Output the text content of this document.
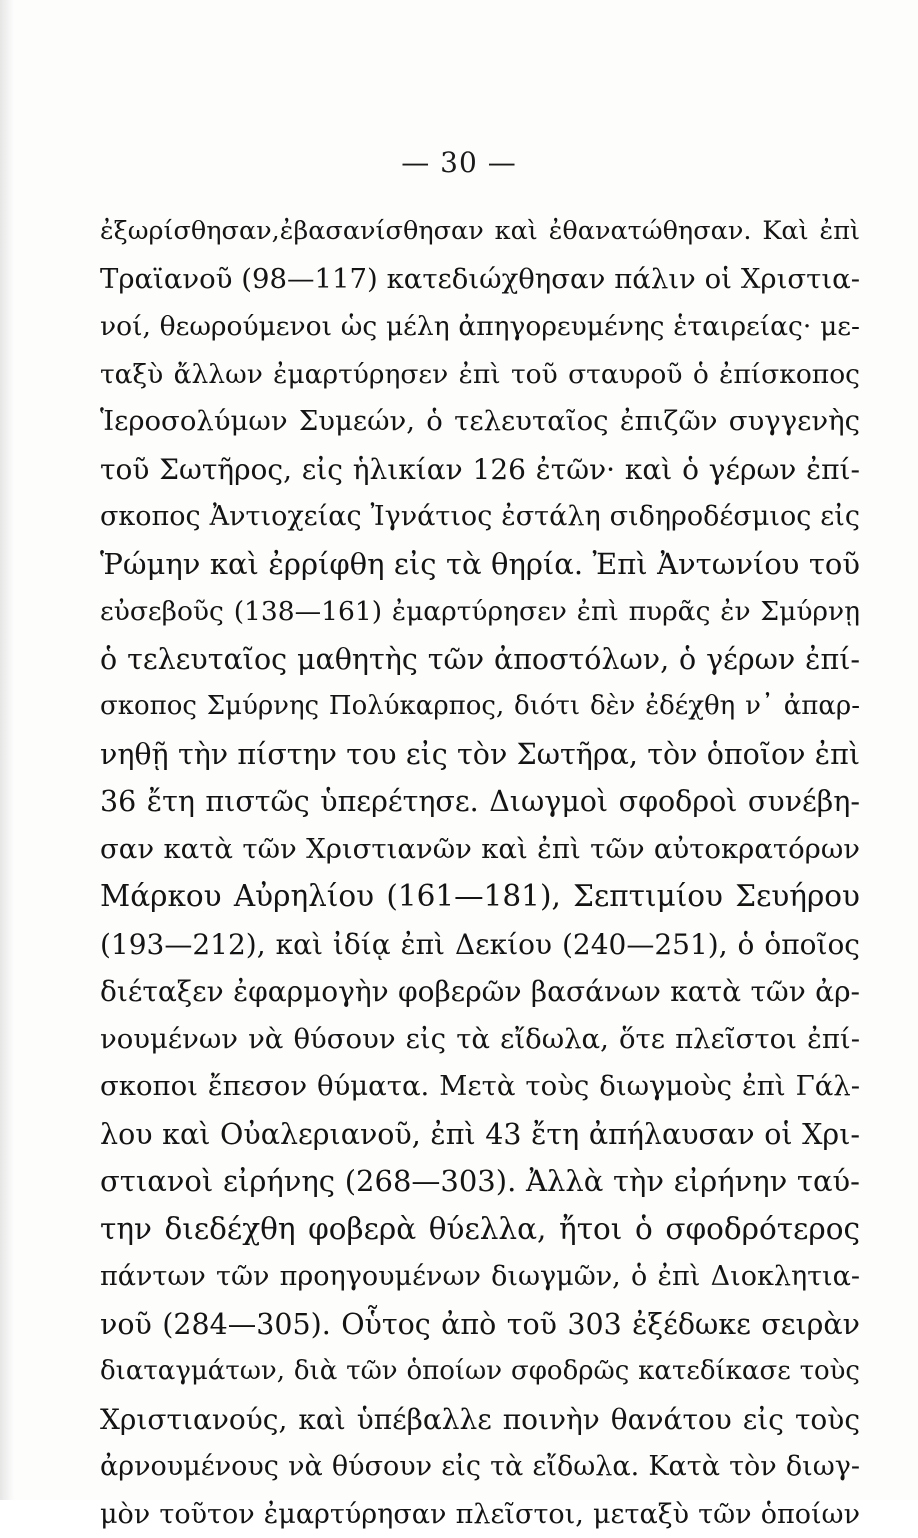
— 30 —
ἐξωρίσθησαν,ἐβασανίσθησαν καὶ ἐθανατώθησαν. Καὶ ἐπὶ
Τραϊανοῦ (98—117) κατεδιώχθησαν πάλιν οἱ Χριστια-
νοί, θεωρούμενοι ὡς μέλη ἀπηγορευμένης ἑταιρείας· με-
ταξὺ ἄλλων ἐμαρτύρησεν ἐπὶ τοῦ σταυροῦ ὁ ἐπίσκοπος
Ἱεροσολύμων Συμεών, ὁ τελευταῖος ἐπιζῶν συγγενὴς
τοῦ Σωτῆρος, εἰς ἡλικίαν 126 ἐτῶν· καὶ ὁ γέρων ἐπί-
σκοπος Ἀντιοχείας Ἰγνάτιος ἐστάλη σιδηροδέσμιος εἰς
Ῥώμην καὶ ἐρρίφθη εἰς τὰ θηρία. Ἐπὶ Ἀντωνίου τοῦ
εὐσεβοῦς (138—161) ἐμαρτύρησεν ἐπὶ πυρᾶς ἐν Σμύρνῃ
ὁ τελευταῖος μαθητὴς τῶν ἀποστόλων, ὁ γέρων ἐπί-
σκοπος Σμύρνης Πολύκαρπος, διότι δὲν ἐδέχθη ν᾽ ἀπαρ-
νηθῇ τὴν πίστην του εἰς τὸν Σωτῆρα, τὸν ὁποῖον ἐπὶ
36 ἔτη πιστῶς ὑπερέτησε. Διωγμοὶ σφοδροὶ συνέβη-
σαν κατὰ τῶν Χριστιανῶν καὶ ἐπὶ τῶν αὐτοκρατόρων
Μάρκου Αὐρηλίου (161—181), Σεπτιμίου Σευήρου
(193—212), καὶ ἰδίᾳ ἐπὶ Δεκίου (240—251), ὁ ὁποῖος
διέταξεν ἐφαρμογὴν φοβερῶν βασάνων κατὰ τῶν ἀρ-
νουμένων νὰ θύσουν εἰς τὰ εἴδωλα, ὅτε πλεῖστοι ἐπί-
σκοποι ἔπεσον θύματα. Μετὰ τοὺς διωγμοὺς ἐπὶ Γάλ-
λου καὶ Οὐαλεριανοῦ, ἐπὶ 43 ἔτη ἀπήλαυσαν οἱ Χρι-
στιανοὶ εἰρήνης (268—303). Ἀλλὰ τὴν εἰρήνην ταύ-
την διεδέχθη φοβερὰ θύελλα, ἤτοι ὁ σφοδρότερος
πάντων τῶν προηγουμένων διωγμῶν, ὁ ἐπὶ Διοκλητια-
νοῦ (284—305). Οὗτος ἀπὸ τοῦ 303 ἐξέδωκε σειρὰν
διαταγμάτων, διὰ τῶν ὁποίων σφοδρῶς κατεδίκασε τοὺς
Χριστιανούς, καὶ ὑπέβαλλε ποινὴν θανάτου εἰς τοὺς
ἀρνουμένους νὰ θύσουν εἰς τὰ εἴδωλα. Κατὰ τὸν διωγ-
μὸν τοῦτον ἐμαρτύρησαν πλεῖστοι, μεταξὺ τῶν ὁποίων
